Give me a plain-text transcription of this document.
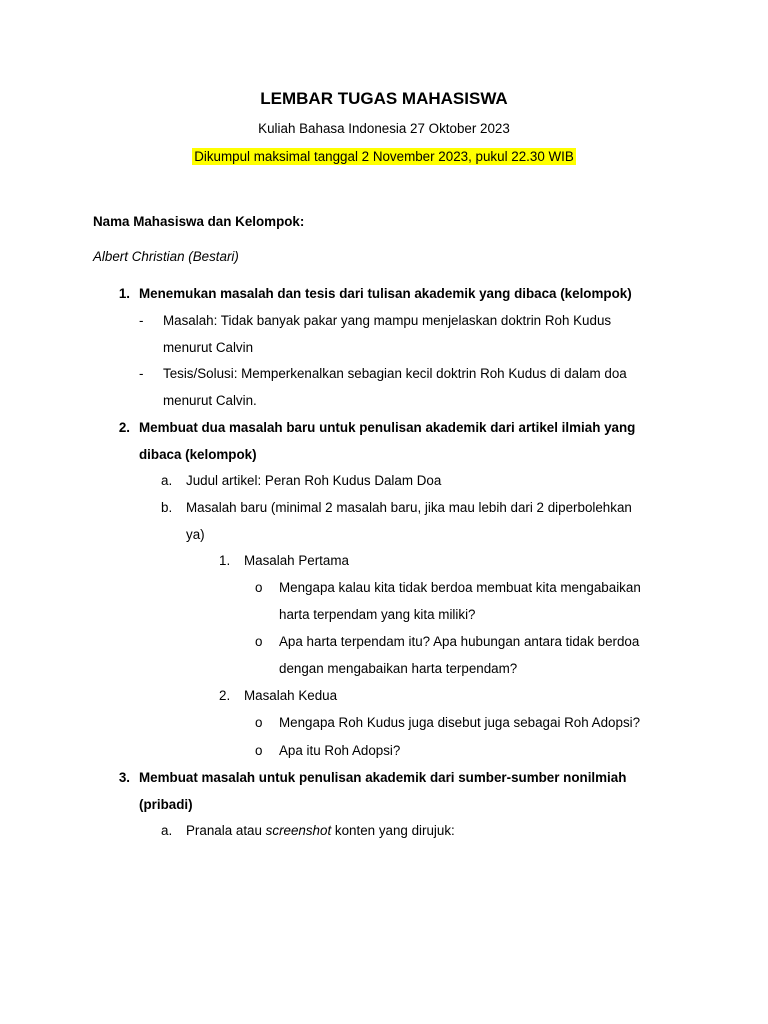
LEMBAR TUGAS MAHASISWA
Kuliah Bahasa Indonesia 27 Oktober 2023
Dikumpul maksimal tanggal 2 November 2023, pukul 22.30 WIB
Nama Mahasiswa dan Kelompok:
Albert Christian (Bestari)
1. Menemukan masalah dan tesis dari tulisan akademik yang dibaca (kelompok)
- Masalah: Tidak banyak pakar yang mampu menjelaskan doktrin Roh Kudus
menurut Calvin
- Tesis/Solusi: Memperkenalkan sebagian kecil doktrin Roh Kudus di dalam doa
menurut Calvin.
2. Membuat dua masalah baru untuk penulisan akademik dari artikel ilmiah yang
dibaca (kelompok)
a. Judul artikel: Peran Roh Kudus Dalam Doa
b. Masalah baru (minimal 2 masalah baru, jika mau lebih dari 2 diperbolehkan
ya)
1. Masalah Pertama
o Mengapa kalau kita tidak berdoa membuat kita mengabaikan
harta terpendam yang kita miliki?
o Apa harta terpendam itu? Apa hubungan antara tidak berdoa
dengan mengabaikan harta terpendam?
2. Masalah Kedua
o Mengapa Roh Kudus juga disebut juga sebagai Roh Adopsi?
o Apa itu Roh Adopsi?
3. Membuat masalah untuk penulisan akademik dari sumber-sumber nonilmiah
(pribadi)
a. Pranala atau screenshot konten yang dirujuk:
